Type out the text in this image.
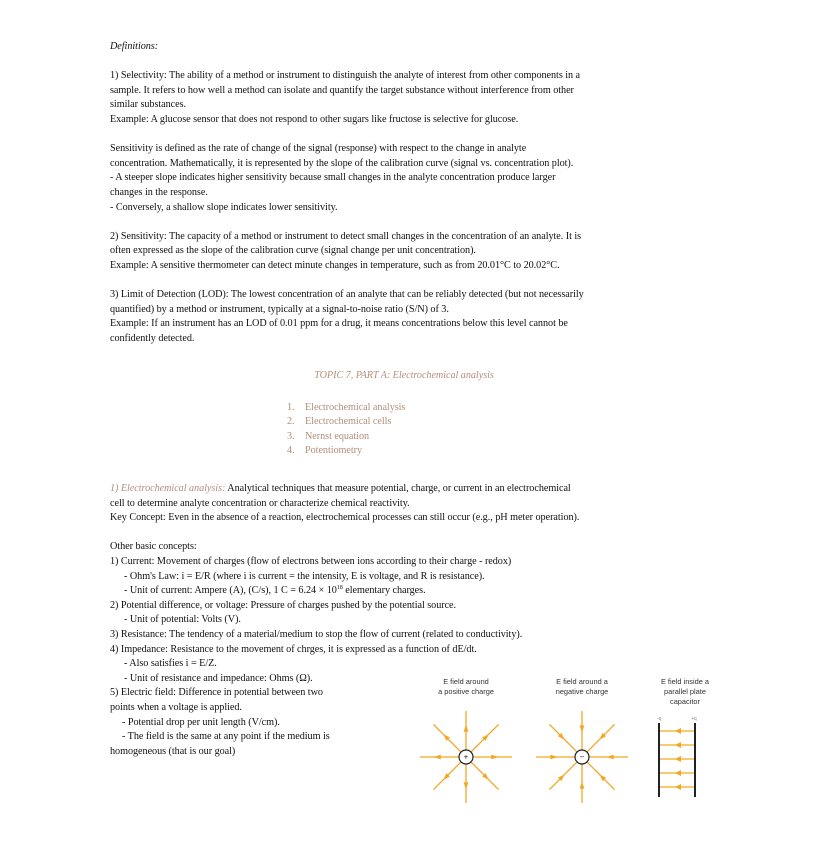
Definitions:

1) Selectivity: The ability of a method or instrument to distinguish the analyte of interest from other components in a

sample. It refers to how well a method can isolate and quantify the target substance without interference from other

similar substances.

Example: A glucose sensor that does not respond to other sugars like fructose is selective for glucose.

Sensitivity is defined as the rate of change of the signal (response) with respect to the change in analyte

concentration. Mathematically, it is represented by the slope of the calibration curve (signal vs. concentration plot).

- A steeper slope indicates higher sensitivity because small changes in the analyte concentration produce larger

changes in the response.

- Conversely, a shallow slope indicates lower sensitivity.

2) Sensitivity: The capacity of a method or instrument to detect small changes in the concentration of an analyte. It is

often expressed as the slope of the calibration curve (signal change per unit concentration).

Example: A sensitive thermometer can detect minute changes in temperature, such as from 20.01°C to 20.02°C.

3) Limit of Detection (LOD): The lowest concentration of an analyte that can be reliably detected (but not necessarily

quantified) by a method or instrument, typically at a signal-to-noise ratio (S/N) of 3.

Example: If an instrument has an LOD of 0.01 ppm for a drug, it means concentrations below this level cannot be

confidently detected.

TOPIC 7, PART A: Electrochemical analysis

1.	Electrochemical analysis
2.	Electrochemical cells
3.	Nernst equation
4.	Potentiometry

1) Electrochemical analysis: Analytical techniques that measure potential, charge, or current in an electrochemical

cell to determine analyte concentration or characterize chemical reactivity.

Key Concept: Even in the absence of a reaction, electrochemical processes can still occur (e.g., pH meter operation).

Other basic concepts:

1) Current: Movement of charges (flow of electrons between ions according to their charge - redox)

- Ohm's Law: i = E/R (where i is current = the intensity, E is voltage, and R is resistance).

- Unit of current: Ampere (A), (C/s), 1 $C = 6.24 \times 10^{18}$ elementary charges.

2) Potential difference, or voltage: Pressure of charges pushed by the potential source.

- Unit of potential: Volts (V).

3) Resistance: The tendency of a material/medium to stop the flow of current (related to conductivity).

4) Impedance: Resistance to the movement of chrges, it is expressed as a function of dE/dt.

- Also satisfies i = E/Z.

- Unit of resistance and impedance: Ohms (Ω).

5) Electric field: Difference in potential between two

points when a voltage is applied.

- Potential drop per unit length (V/cm).

- The field is the same at any point if the medium is

homogeneous (that is our goal)

E field around
a positive charge
E field around a
negative charge
E field inside a
parallel plate
capacitor
+	−
-q	+q
